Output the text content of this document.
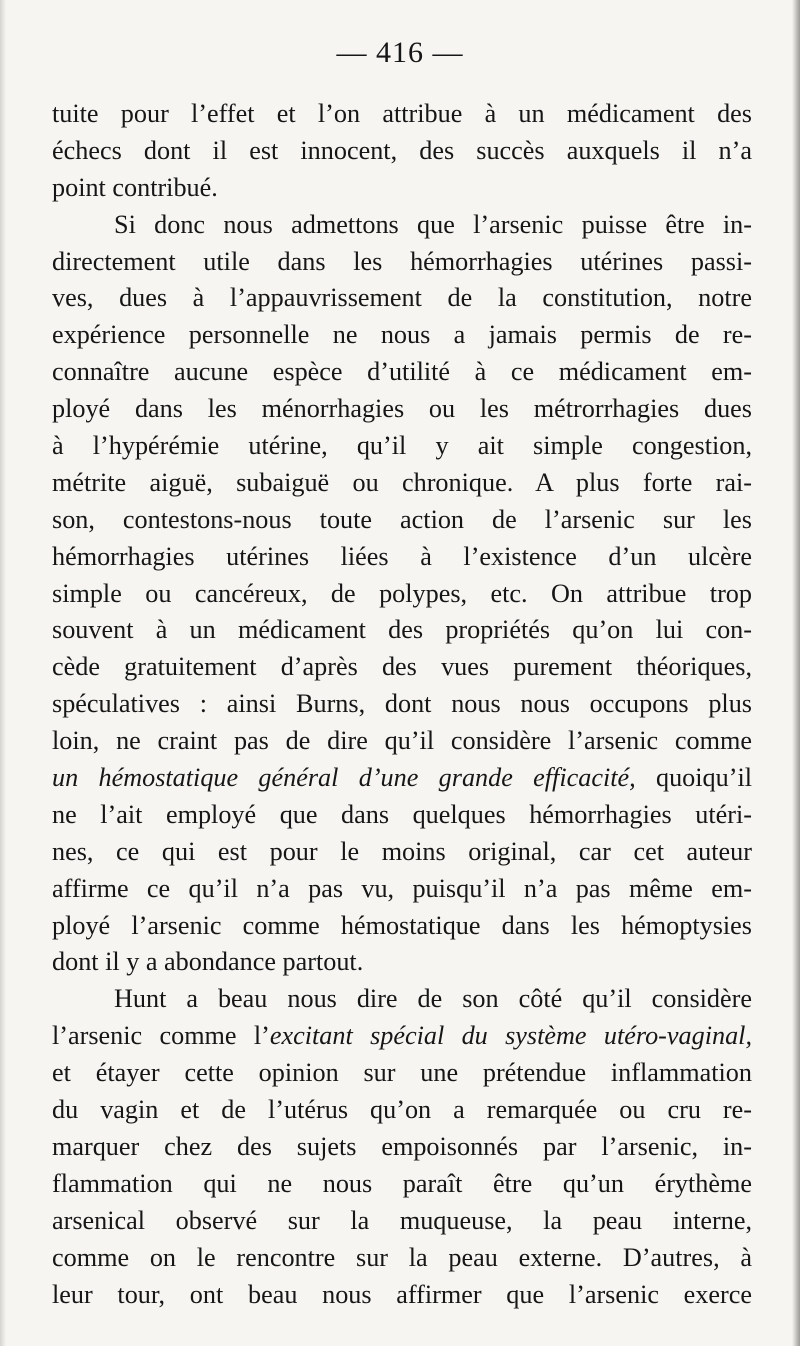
— 416 —
tuite pour l’effet et l’on attribue à un médicament des
échecs dont il est innocent, des succès auxquels il n’a
point contribué.
Si donc nous admettons que l’arsenic puisse être in-
directement utile dans les hémorrhagies utérines passi-
ves, dues à l’appauvrissement de la constitution, notre
expérience personnelle ne nous a jamais permis de re-
connaître aucune espèce d’utilité à ce médicament em-
ployé dans les ménorrhagies ou les métrorrhagies dues
à l’hypérémie utérine, qu’il y ait simple congestion,
métrite aiguë, subaiguë ou chronique. A plus forte rai-
son, contestons-nous toute action de l’arsenic sur les
hémorrhagies utérines liées à l’existence d’un ulcère
simple ou cancéreux, de polypes, etc. On attribue trop
souvent à un médicament des propriétés qu’on lui con-
cède gratuitement d’après des vues purement théoriques,
spéculatives : ainsi Burns, dont nous nous occupons plus
loin, ne craint pas de dire qu’il considère l’arsenic comme
un hémostatique général d’une grande efficacité, quoiqu’il
ne l’ait employé que dans quelques hémorrhagies utéri-
nes, ce qui est pour le moins original, car cet auteur
affirme ce qu’il n’a pas vu, puisqu’il n’a pas même em-
ployé l’arsenic comme hémostatique dans les hémoptysies
dont il y a abondance partout.
Hunt a beau nous dire de son côté qu’il considère
l’arsenic comme l’excitant spécial du système utéro-vaginal,
et étayer cette opinion sur une prétendue inflammation
du vagin et de l’utérus qu’on a remarquée ou cru re-
marquer chez des sujets empoisonnés par l’arsenic, in-
flammation qui ne nous paraît être qu’un érythème
arsenical observé sur la muqueuse, la peau interne,
comme on le rencontre sur la peau externe. D’autres, à
leur tour, ont beau nous affirmer que l’arsenic exerce
